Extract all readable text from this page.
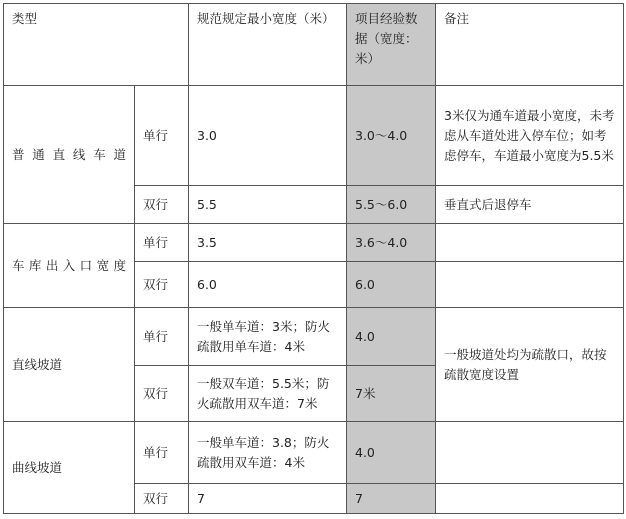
类型		规范规定最小宽度（米）	项目经验数据（宽度：米）	备注
普通直线车道	单行	3.0	3.0～4.0	3米仅为通车道最小宽度，未考虑从车道处进入停车位；如考虑停车，车道最小宽度为5.5米
	双行	5.5	5.5～6.0	垂直式后退停车
车库出入口宽度	单行	3.5	3.6～4.0	
	双行	6.0	6.0	
直线坡道	单行	一般单车道：3米；防火疏散用单车道：4米	4.0	一般坡道处均为疏散口，故按疏散宽度设置
	双行	一般双车道：5.5米；防火疏散用双车道：7米	7米	
曲线坡道	单行	一般单车道：3.8；防火疏散用双车道：4米	4.0	
	双行	7	7	
